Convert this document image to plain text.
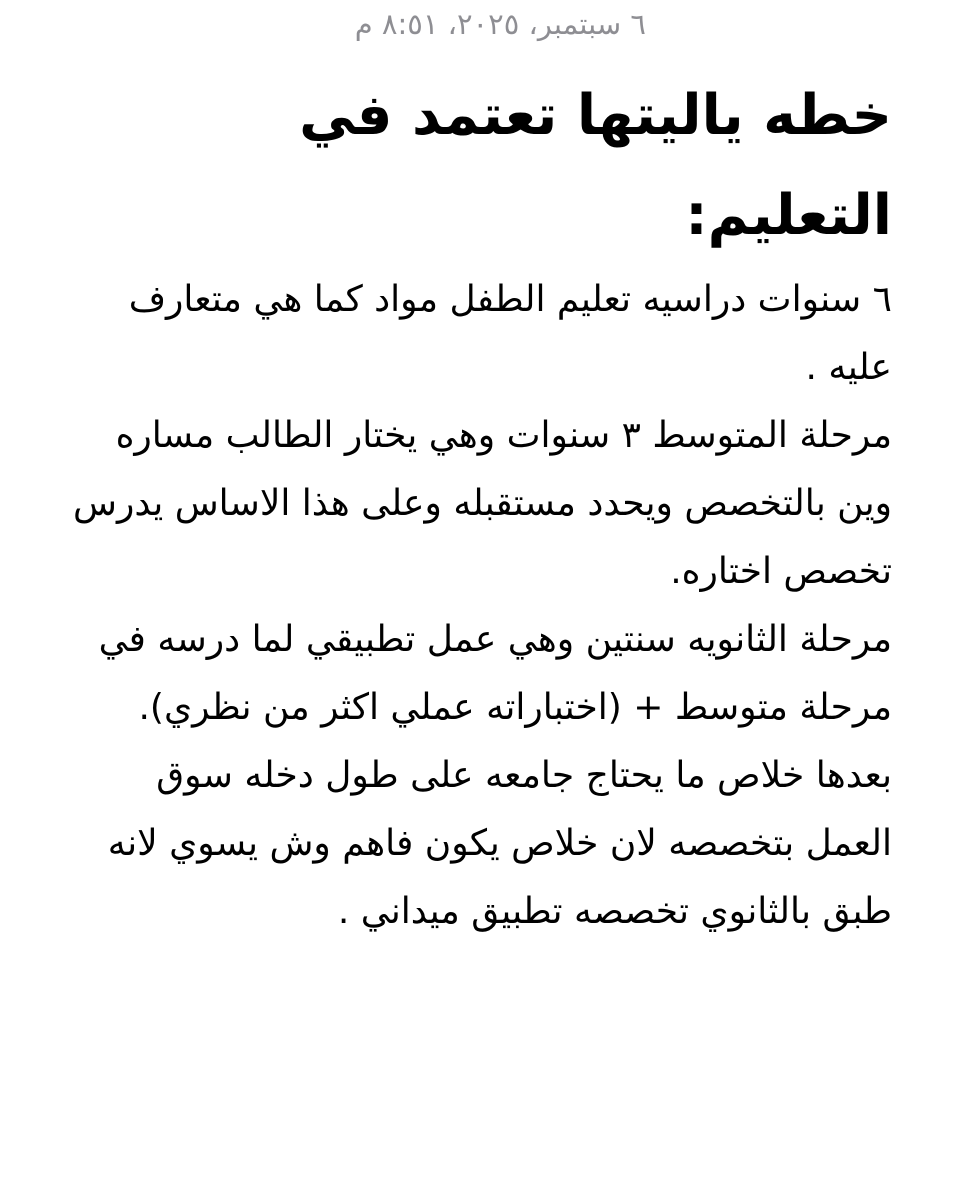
٦ سبتمبر، ٢٠٢٥، ٨:٥١ م
خطه ياليتها تعتمد في التعليم:

٦ سنوات دراسيه تعليم الطفل مواد كما هي متعارف عليه .

مرحلة المتوسط ٣ سنوات وهي يختار الطالب مساره وين بالتخصص ويحدد مستقبله وعلى هذا الاساس يدرس تخصص اختاره.

مرحلة الثانويه سنتين وهي عمل تطبيقي لما درسه في مرحلة متوسط + (اختباراته عملي اكثر من نظري).

بعدها خلاص ما يحتاج جامعه على طول دخله سوق العمل بتخصصه لان خلاص يكون فاهم وش يسوي لانه طبق بالثانوي تخصصه تطبيق ميداني .
